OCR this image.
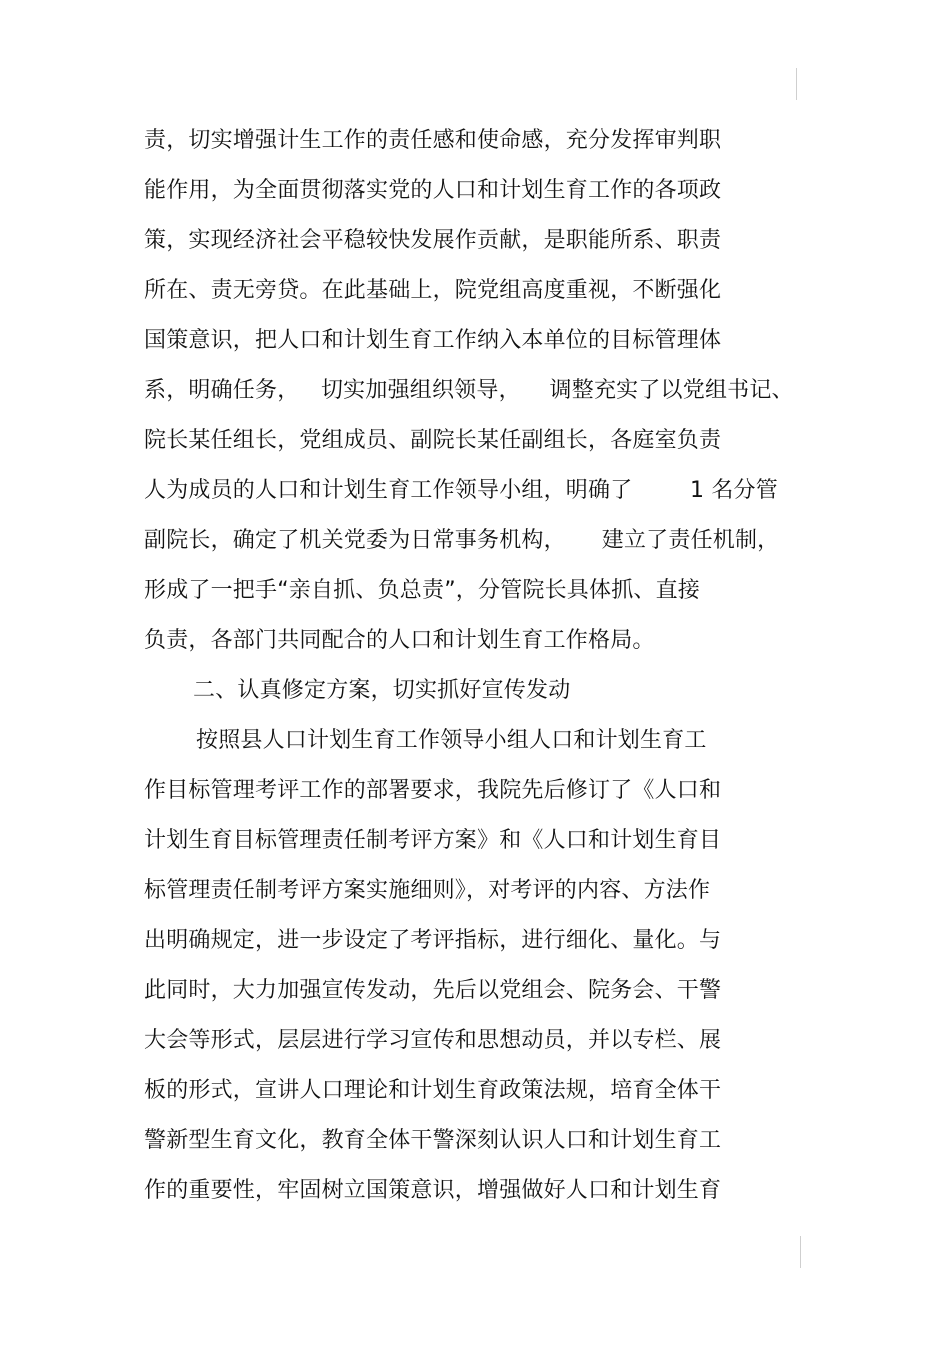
责，切实增强计生工作的责任感和使命感，充分发挥审判职
能作用，为全面贯彻落实党的人口和计划生育工作的各项政
策，实现经济社会平稳较快发展作贡献，是职能所系、职责
所在、责无旁贷。在此基础上，院党组高度重视，不断强化
国策意识，把人口和计划生育工作纳入本单位的目标管理体
系，明确任务，   切实加强组织领导，    调整充实了以党组书记、
院长某任组长，党组成员、副院长某任副组长，各庭室负责
人为成员的人口和计划生育工作领导小组，明确了        1 名分管
副院长，确定了机关党委为日常事务机构，     建立了责任机制，
形成了一把手“亲自抓、负总责”，分管院长具体抓、直接
负责，各部门共同配合的人口和计划生育工作格局。
二、认真修定方案，切实抓好宣传发动
按照县人口计划生育工作领导小组人口和计划生育工
作目标管理考评工作的部署要求，我院先后修订了《人口和
计划生育目标管理责任制考评方案》和《人口和计划生育目
标管理责任制考评方案实施细则》，对考评的内容、方法作
出明确规定，进一步设定了考评指标，进行细化、量化。与
此同时，大力加强宣传发动，先后以党组会、院务会、干警
大会等形式，层层进行学习宣传和思想动员，并以专栏、展
板的形式，宣讲人口理论和计划生育政策法规，培育全体干
警新型生育文化，教育全体干警深刻认识人口和计划生育工
作的重要性，牢固树立国策意识，增强做好人口和计划生育
